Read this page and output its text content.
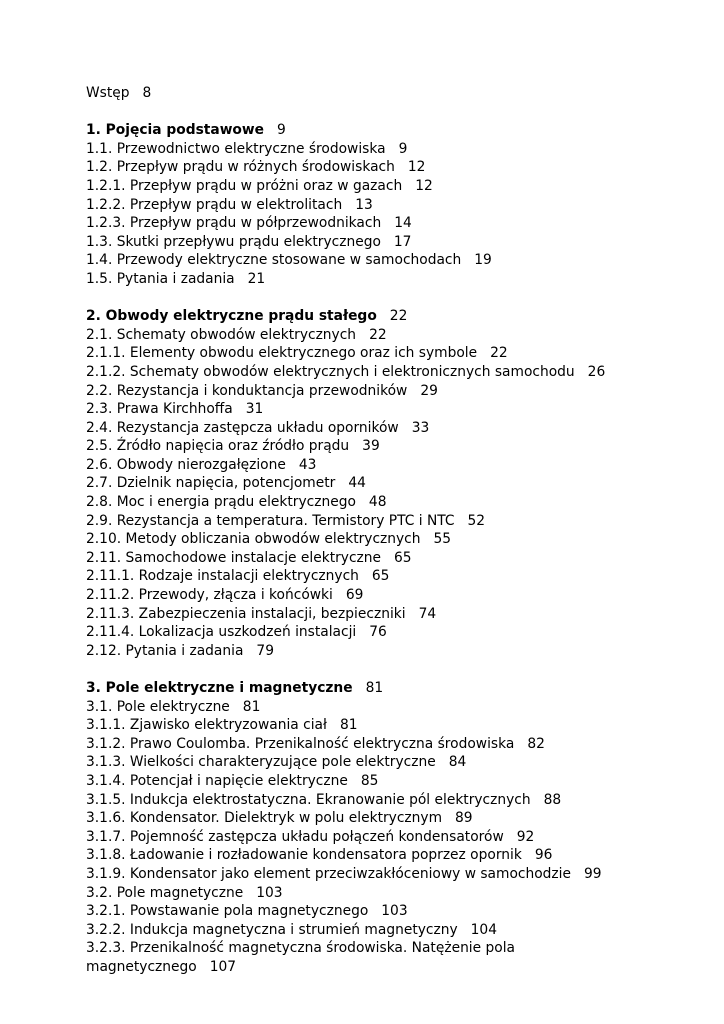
Wstęp 8

1. Pojęcia podstawowe 9

1.1. Przewodnictwo elektryczne środowiska 9

1.2. Przepływ prądu w różnych środowiskach 12

1.2.1. Przepływ prądu w próżni oraz w gazach 12

1.2.2. Przepływ prądu w elektrolitach 13

1.2.3. Przepływ prądu w półprzewodnikach 14

1.3. Skutki przepływu prądu elektrycznego 17

1.4. Przewody elektryczne stosowane w samochodach 19

1.5. Pytania i zadania 21

2. Obwody elektryczne prądu stałego 22

2.1. Schematy obwodów elektrycznych 22

2.1.1. Elementy obwodu elektrycznego oraz ich symbole 22

2.1.2. Schematy obwodów elektrycznych i elektronicznych samochodu 26

2.2. Rezystancja i konduktancja przewodników 29

2.3. Prawa Kirchhoffa 31

2.4. Rezystancja zastępcza układu oporników 33

2.5. Źródło napięcia oraz źródło prądu 39

2.6. Obwody nierozgałęzione 43

2.7. Dzielnik napięcia, potencjometr 44

2.8. Moc i energia prądu elektrycznego 48

2.9. Rezystancja a temperatura. Termistory PTC i NTC 52

2.10. Metody obliczania obwodów elektrycznych 55

2.11. Samochodowe instalacje elektryczne 65

2.11.1. Rodzaje instalacji elektrycznych 65

2.11.2. Przewody, złącza i końcówki 69

2.11.3. Zabezpieczenia instalacji, bezpieczniki 74

2.11.4. Lokalizacja uszkodzeń instalacji 76

2.12. Pytania i zadania 79

3. Pole elektryczne i magnetyczne 81

3.1. Pole elektryczne 81

3.1.1. Zjawisko elektryzowania ciał 81

3.1.2. Prawo Coulomba. Przenikalność elektryczna środowiska 82

3.1.3. Wielkości charakteryzujące pole elektryczne 84

3.1.4. Potencjał i napięcie elektryczne 85

3.1.5. Indukcja elektrostatyczna. Ekranowanie pól elektrycznych 88

3.1.6. Kondensator. Dielektryk w polu elektrycznym 89

3.1.7. Pojemność zastępcza układu połączeń kondensatorów 92

3.1.8. Ładowanie i rozładowanie kondensatora poprzez opornik 96

3.1.9. Kondensator jako element przeciwzakłóceniowy w samochodzie 99

3.2. Pole magnetyczne 103

3.2.1. Powstawanie pola magnetycznego 103

3.2.2. Indukcja magnetyczna i strumień magnetyczny 104

3.2.3. Przenikalność magnetyczna środowiska. Natężenie pola

magnetycznego 107
